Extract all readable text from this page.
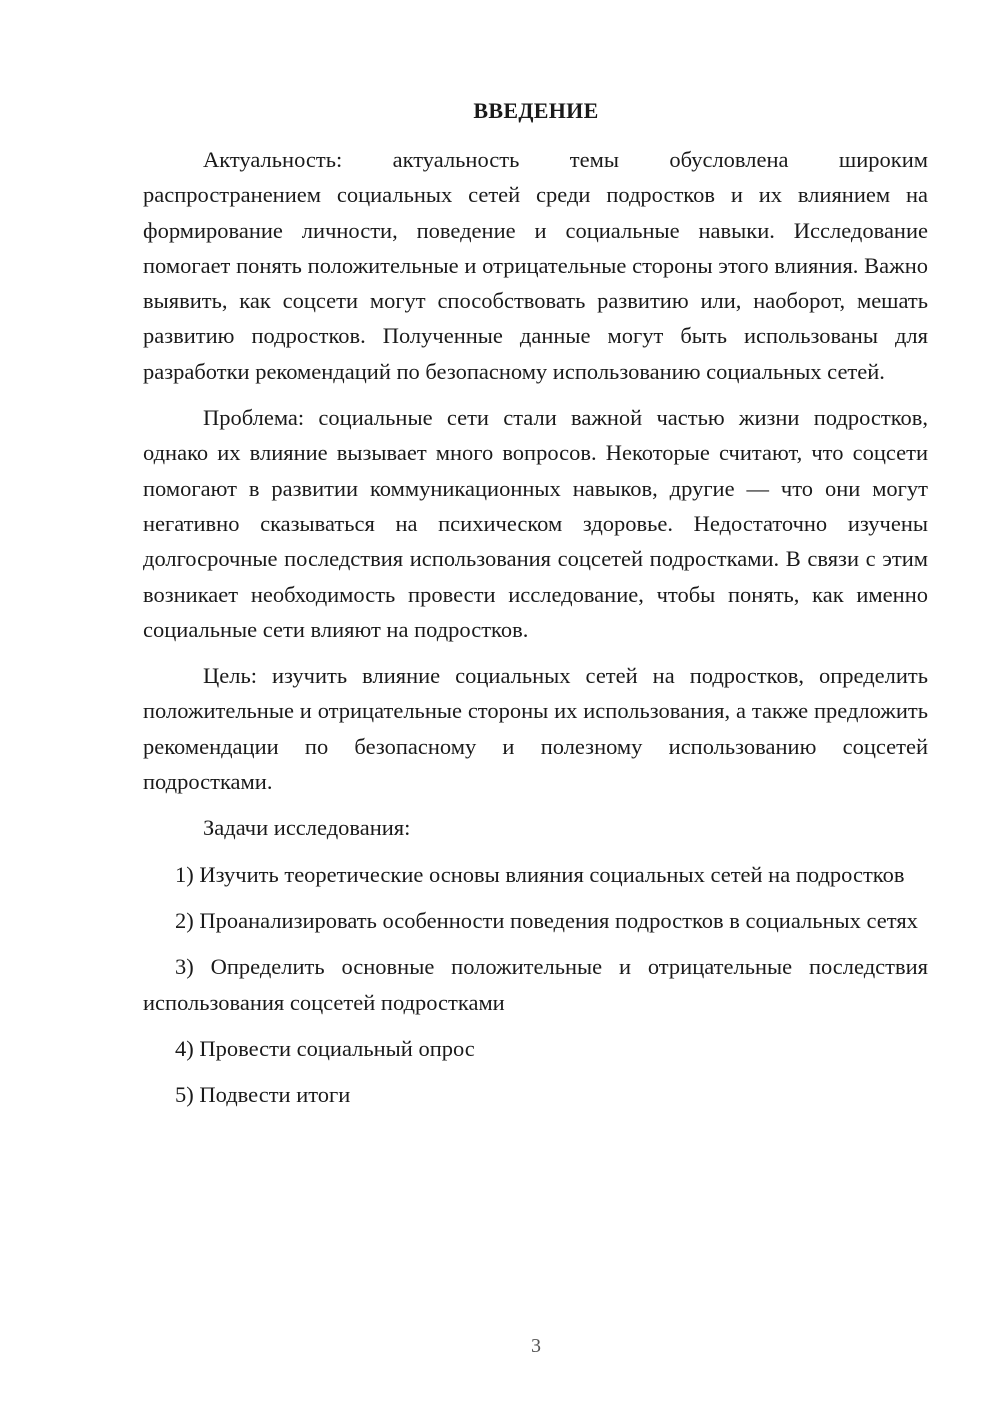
ВВЕДЕНИЕ

Актуальность: актуальность темы обусловлена широким распространением социальных сетей среди подростков и их влиянием на формирование личности, поведение и социальные навыки. Исследование помогает понять положительные и отрицательные стороны этого влияния. Важно выявить, как соцсети могут способствовать развитию или, наоборот, мешать развитию подростков. Полученные данные могут быть использованы для разработки рекомендаций по безопасному использованию социальных сетей.

Проблема: социальные сети стали важной частью жизни подростков, однако их влияние вызывает много вопросов. Некоторые считают, что соцсети помогают в развитии коммуникационных навыков, другие — что они могут негативно сказываться на психическом здоровье. Недостаточно изучены долгосрочные последствия использования соцсетей подростками. В связи с этим возникает необходимость провести исследование, чтобы понять, как именно социальные сети влияют на подростков.

Цель: изучить влияние социальных сетей на подростков, определить положительные и отрицательные стороны их использования, а также предложить рекомендации по безопасному и полезному использованию соцсетей подростками.

Задачи исследования:

1) Изучить теоретические основы влияния социальных сетей на подростков

2) Проанализировать особенности поведения подростков в социальных сетях

3) Определить основные положительные и отрицательные последствия использования соцсетей подростками

4) Провести социальный опрос

5) Подвести итоги

3
